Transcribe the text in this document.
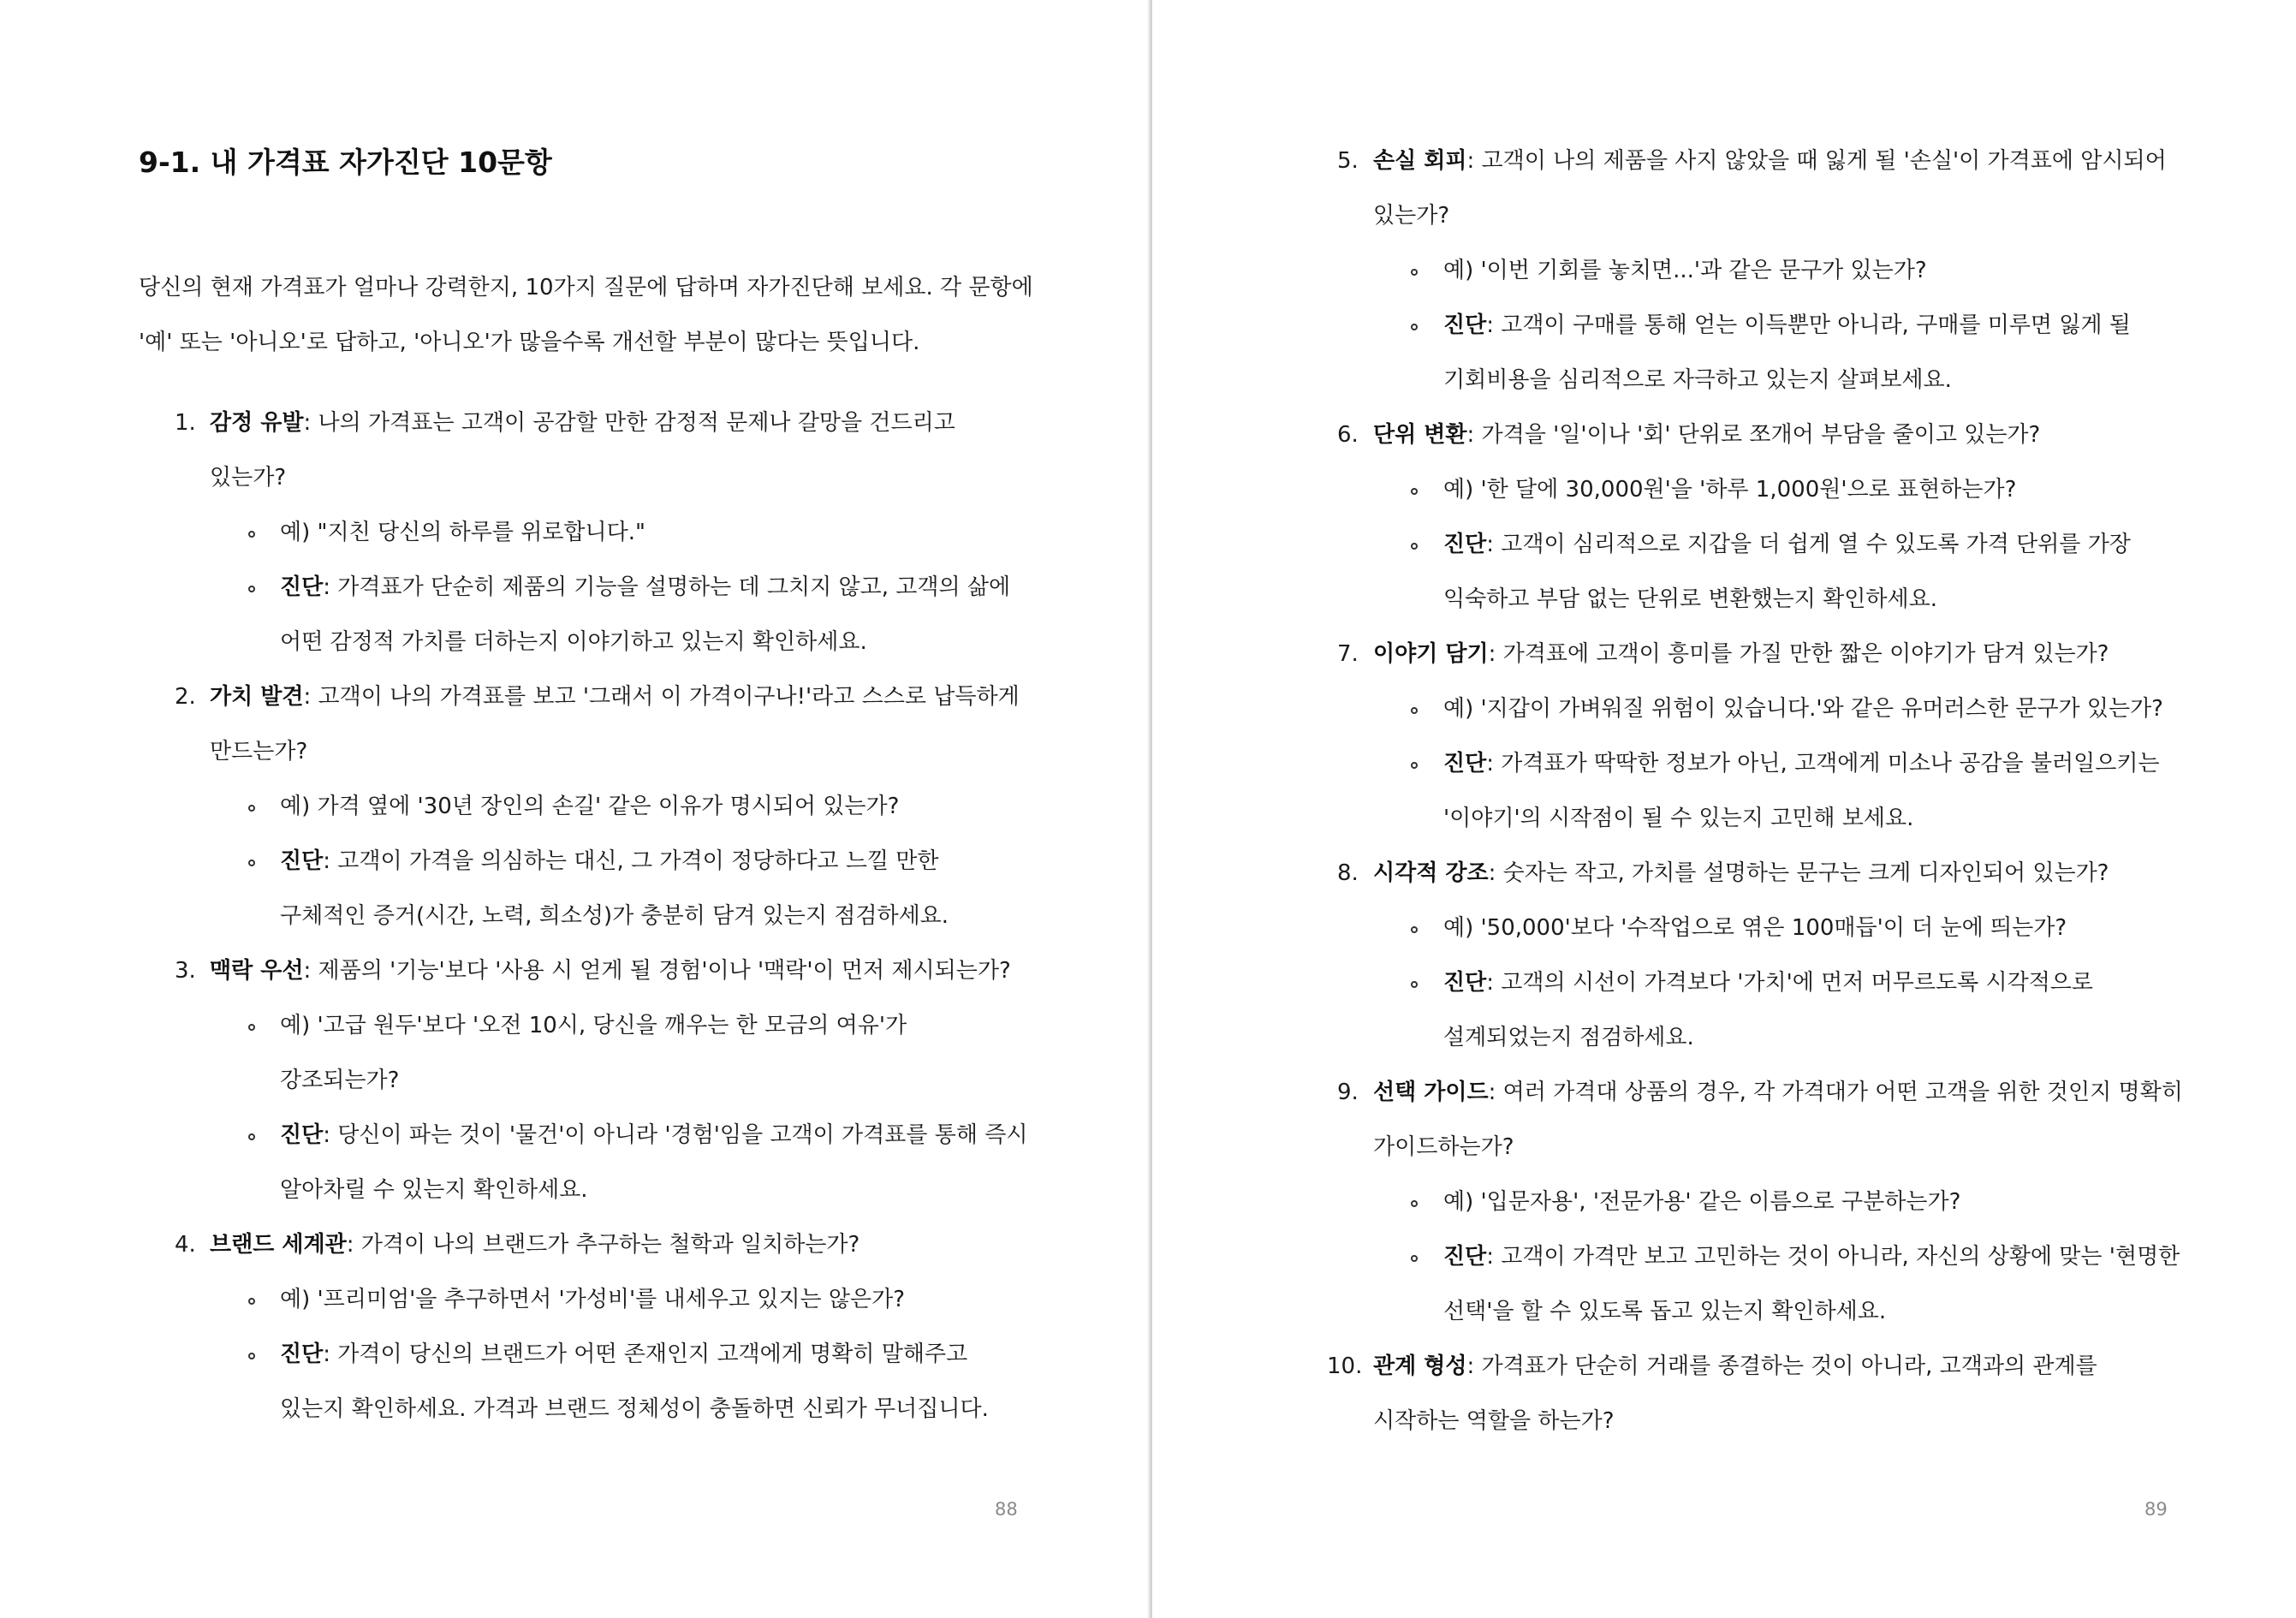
9-1. 내 가격표 자가진단 10문항

당신의 현재 가격표가 얼마나 강력한지, 10가지 질문에 답하며 자가진단해 보세요. 각 문항에

'예' 또는 '아니오'로 답하고, '아니오'가 많을수록 개선할 부분이 많다는 뜻입니다.

1. 감정 유발: 나의 가격표는 고객이 공감할 만한 감정적 문제나 갈망을 건드리고
있는가?
예) "지친 당신의 하루를 위로합니다."
진단: 가격표가 단순히 제품의 기능을 설명하는 데 그치지 않고, 고객의 삶에
어떤 감정적 가치를 더하는지 이야기하고 있는지 확인하세요.
2. 가치 발견: 고객이 나의 가격표를 보고 '그래서 이 가격이구나!'라고 스스로 납득하게
만드는가?
예) 가격 옆에 '30년 장인의 손길' 같은 이유가 명시되어 있는가?
진단: 고객이 가격을 의심하는 대신, 그 가격이 정당하다고 느낄 만한
구체적인 증거(시간, 노력, 희소성)가 충분히 담겨 있는지 점검하세요.
3. 맥락 우선: 제품의 '기능'보다 '사용 시 얻게 될 경험'이나 '맥락'이 먼저 제시되는가?
예) '고급 원두'보다 '오전 10시, 당신을 깨우는 한 모금의 여유'가
강조되는가?
진단: 당신이 파는 것이 '물건'이 아니라 '경험'임을 고객이 가격표를 통해 즉시
알아차릴 수 있는지 확인하세요.
4. 브랜드 세계관: 가격이 나의 브랜드가 추구하는 철학과 일치하는가?
예) '프리미엄'을 추구하면서 '가성비'를 내세우고 있지는 않은가?
진단: 가격이 당신의 브랜드가 어떤 존재인지 고객에게 명확히 말해주고
있는지 확인하세요. 가격과 브랜드 정체성이 충돌하면 신뢰가 무너집니다.
88
5. 손실 회피: 고객이 나의 제품을 사지 않았을 때 잃게 될 '손실'이 가격표에 암시되어
있는가?
예) '이번 기회를 놓치면...'과 같은 문구가 있는가?
진단: 고객이 구매를 통해 얻는 이득뿐만 아니라, 구매를 미루면 잃게 될
기회비용을 심리적으로 자극하고 있는지 살펴보세요.
6. 단위 변환: 가격을 '일'이나 '회' 단위로 쪼개어 부담을 줄이고 있는가?
예) '한 달에 30,000원'을 '하루 1,000원'으로 표현하는가?
진단: 고객이 심리적으로 지갑을 더 쉽게 열 수 있도록 가격 단위를 가장
익숙하고 부담 없는 단위로 변환했는지 확인하세요.
7. 이야기 담기: 가격표에 고객이 흥미를 가질 만한 짧은 이야기가 담겨 있는가?
예) '지갑이 가벼워질 위험이 있습니다.'와 같은 유머러스한 문구가 있는가?
진단: 가격표가 딱딱한 정보가 아닌, 고객에게 미소나 공감을 불러일으키는
'이야기'의 시작점이 될 수 있는지 고민해 보세요.
8. 시각적 강조: 숫자는 작고, 가치를 설명하는 문구는 크게 디자인되어 있는가?
예) '50,000'보다 '수작업으로 엮은 100매듭'이 더 눈에 띄는가?
진단: 고객의 시선이 가격보다 '가치'에 먼저 머무르도록 시각적으로
설계되었는지 점검하세요.
9. 선택 가이드: 여러 가격대 상품의 경우, 각 가격대가 어떤 고객을 위한 것인지 명확히
가이드하는가?
예) '입문자용', '전문가용' 같은 이름으로 구분하는가?
진단: 고객이 가격만 보고 고민하는 것이 아니라, 자신의 상황에 맞는 '현명한
선택'을 할 수 있도록 돕고 있는지 확인하세요.
10. 관계 형성: 가격표가 단순히 거래를 종결하는 것이 아니라, 고객과의 관계를
시작하는 역할을 하는가?
89
